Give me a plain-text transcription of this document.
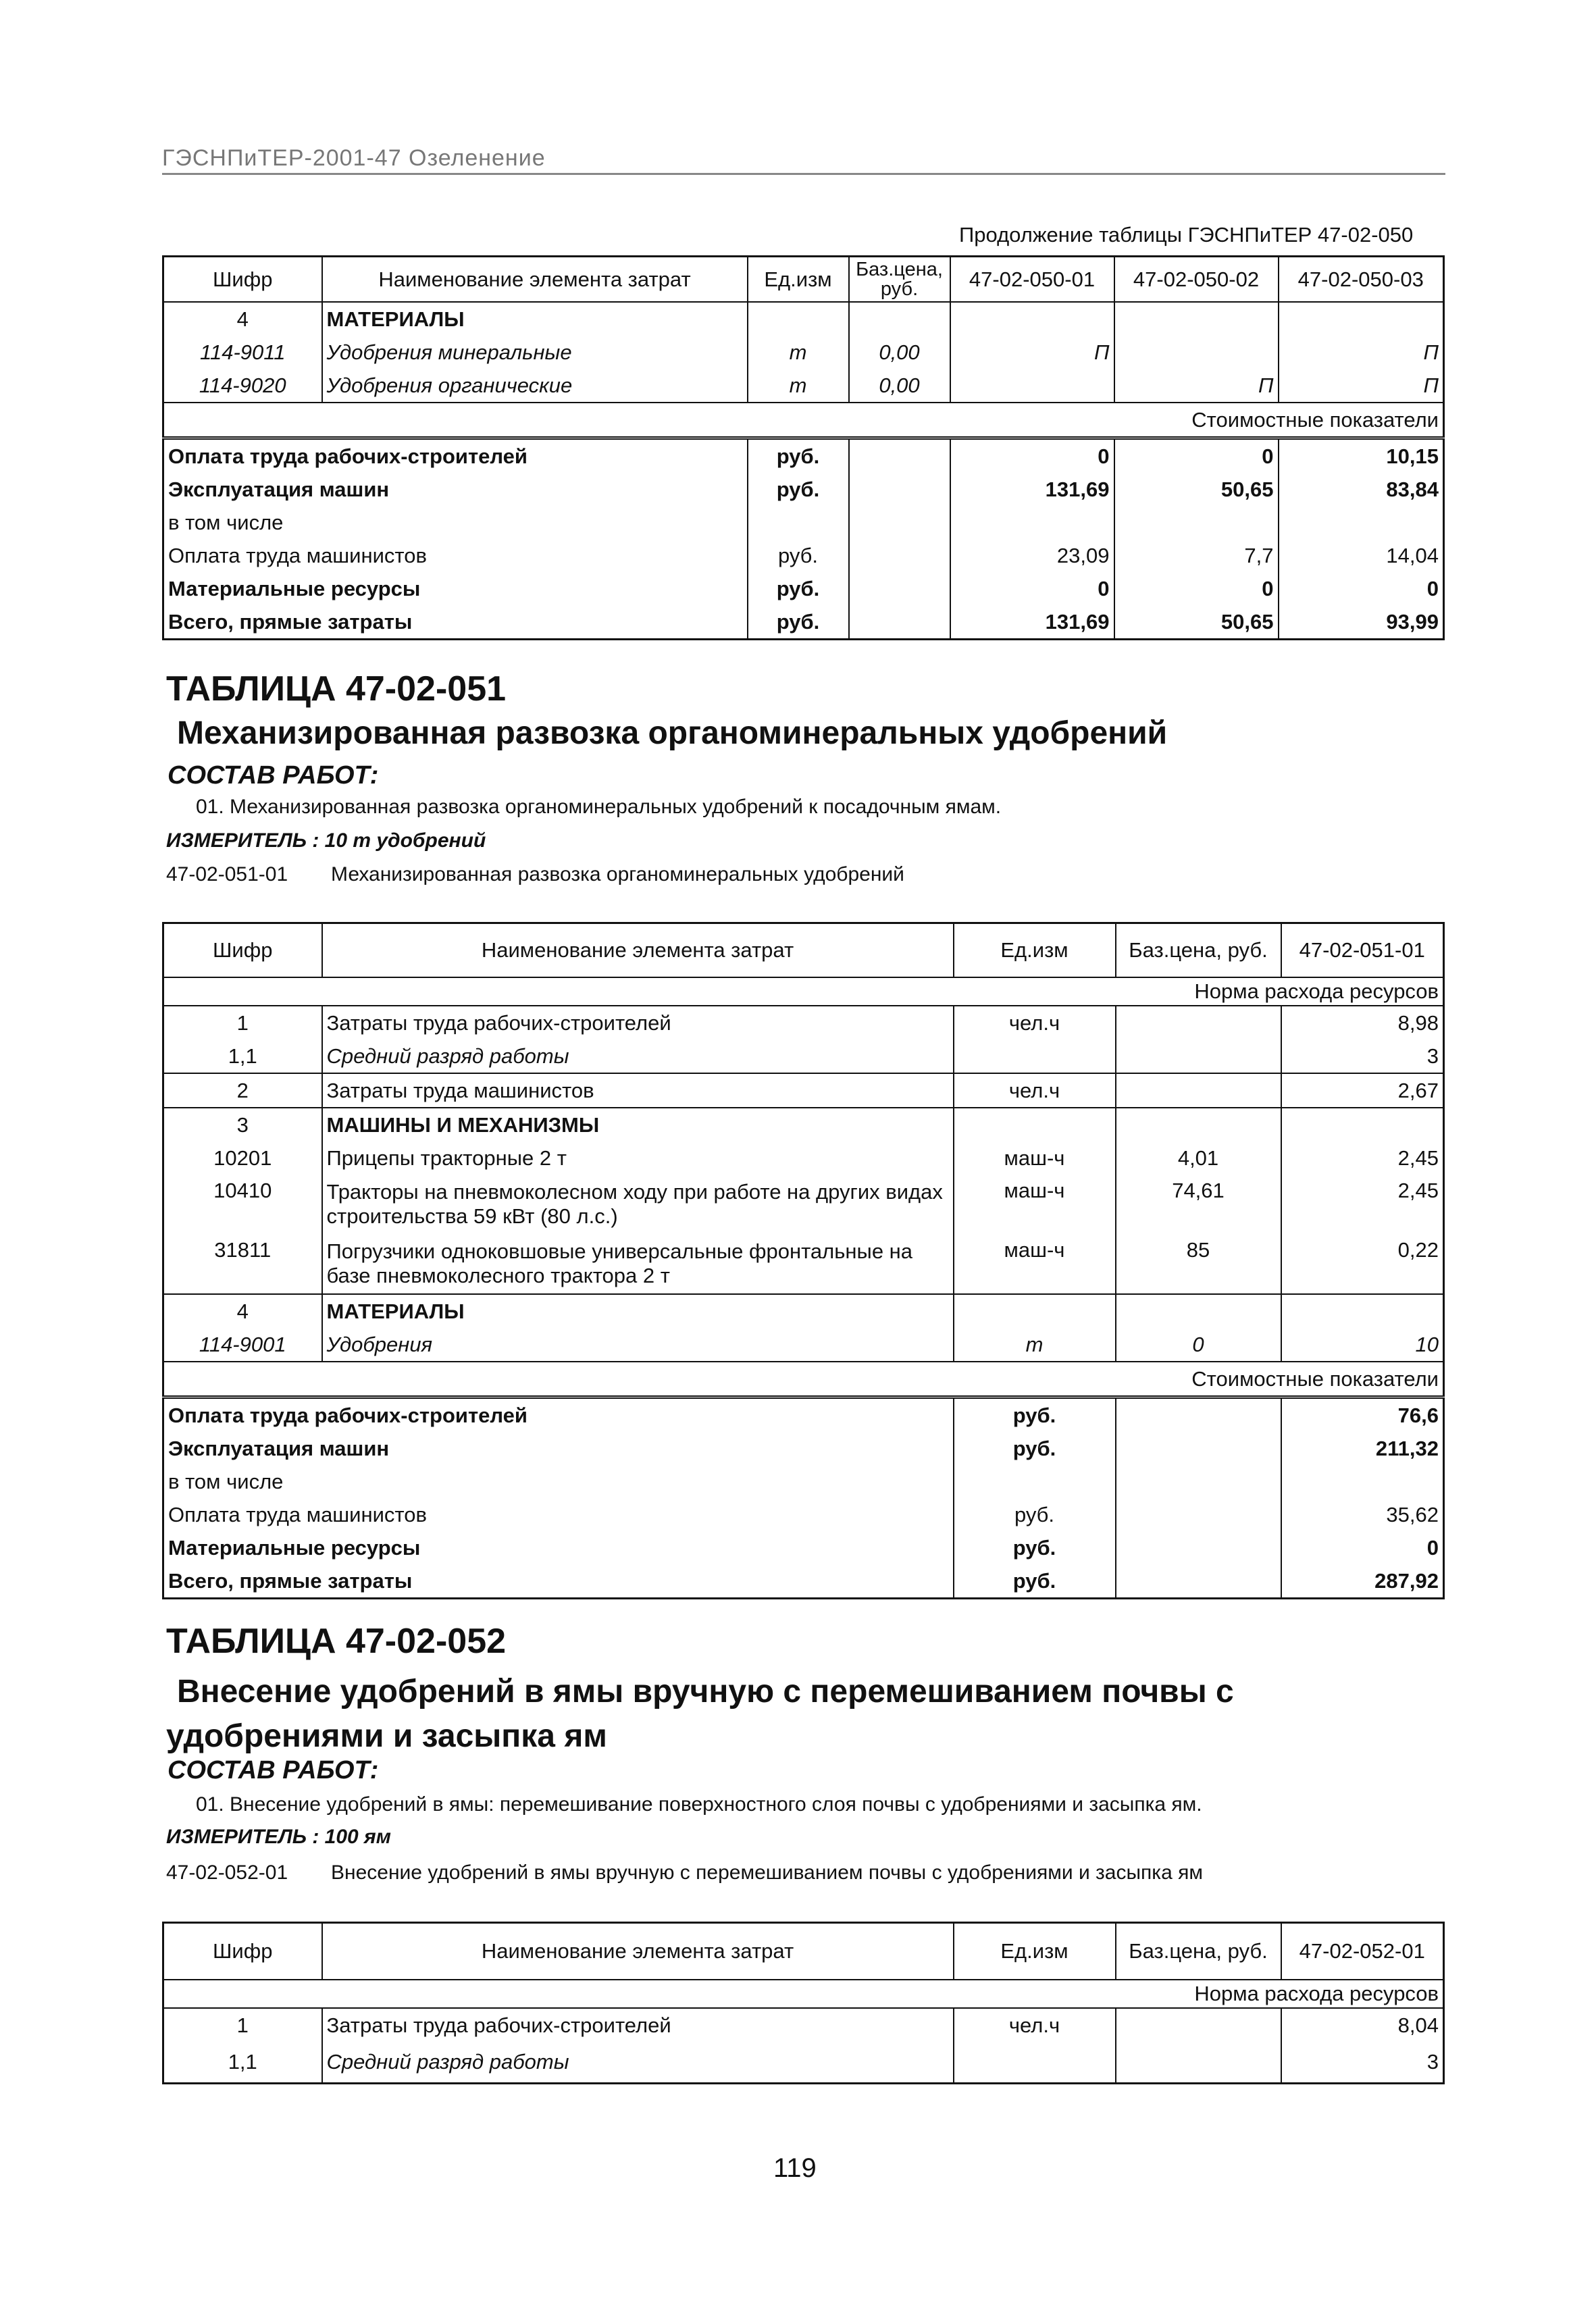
ГЭСНПиТЕР-2001-47 Озеленение
Продолжение таблицы ГЭСНПиТЕР 47-02-050
Шифр	Наименование элемента затрат	Ед.изм	Баз.цена, руб.	47-02-050-01	47-02-050-02	47-02-050-03
4	МАТЕРИАЛЫ					
114-9011	Удобрения минеральные	т	0,00	П		П
114-9020	Удобрения органические	т	0,00		П	П
Стоимостные показатели						
Оплата труда рабочих-строителей		руб.		0	0	10,15
Эксплуатация машин		руб.		131,69	50,65	83,84
в том числе						
Оплата труда машинистов		руб.		23,09	7,7	14,04
Материальные ресурсы		руб.		0	0	0
Всего, прямые затраты		руб.		131,69	50,65	93,99
ТАБЛИЦА 47-02-051
Механизированная развозка органоминеральных удобрений
СОСТАВ РАБОТ:
01. Механизированная развозка органоминеральных удобрений к посадочным ямам.
ИЗМЕРИТЕЛЬ : 10 т удобрений
47-02-051-01 Механизированная развозка органоминеральных удобрений
Шифр	Наименование элемента затрат	Ед.изм	Баз.цена, руб.	47-02-051-01
Норма расхода ресурсов				
1	Затраты труда рабочих-строителей	чел.ч		8,98
1,1	Средний разряд работы			3
2	Затраты труда машинистов	чел.ч		2,67
3	МАШИНЫ И МЕХАНИЗМЫ			
10201	Прицепы тракторные 2 т	маш-ч	4,01	2,45
10410	Тракторы на пневмоколесном ходу при работе на других видах строительства 59 кВт (80 л.с.)	маш-ч	74,61	2,45
31811	Погрузчики одноковшовые универсальные фронтальные на базе пневмоколесного трактора 2 т	маш-ч	85	0,22
4	МАТЕРИАЛЫ			
114-9001	Удобрения	т	0	10
Стоимостные показатели				
Оплата труда рабочих-строителей		руб.		76,6
Эксплуатация машин		руб.		211,32
в том числе				
Оплата труда машинистов		руб.		35,62
Материальные ресурсы		руб.		0
Всего, прямые затраты		руб.		287,92
ТАБЛИЦА 47-02-052
Внесение удобрений в ямы вручную с перемешиванием почвы с
удобрениями и засыпка ям
СОСТАВ РАБОТ:
01. Внесение удобрений в ямы: перемешивание поверхностного слоя почвы с удобрениями и засыпка ям.
ИЗМЕРИТЕЛЬ : 100 ям
47-02-052-01 Внесение удобрений в ямы вручную с перемешиванием почвы с удобрениями и засыпка ям
Шифр	Наименование элемента затрат	Ед.изм	Баз.цена, руб.	47-02-052-01
Норма расхода ресурсов				
1	Затраты труда рабочих-строителей	чел.ч		8,04
1,1	Средний разряд работы			3
119
